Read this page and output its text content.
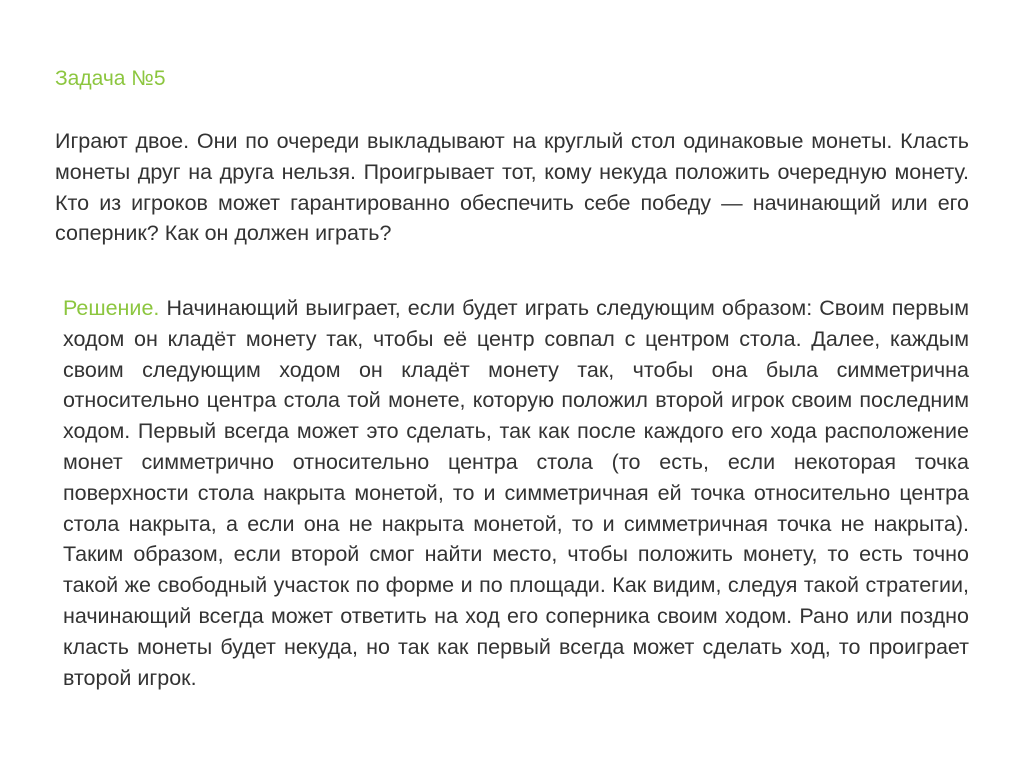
Задача №5

Играют двое. Они по очереди выкладывают на круглый стол одинаковые монеты. Класть монеты друг на друга нельзя. Проигрывает тот, кому некуда положить очередную монету. Кто из игроков может гарантированно обеспечить себе победу — начинающий или его соперник? Как он должен играть?

Решение. Начинающий выиграет, если будет играть следующим образом: Своим первым ходом он кладёт монету так, чтобы её центр совпал с центром стола. Далее, каждым своим следующим ходом он кладёт монету так, чтобы она была симметрична относительно центра стола той монете, которую положил второй игрок своим последним ходом. Первый всегда может это сделать, так как после каждого его хода расположение монет симметрично относительно центра стола (то есть, если некоторая точка поверхности стола накрыта монетой, то и симметричная ей точка относительно центра стола накрыта, а если она не накрыта монетой, то и симметричная точка не накрыта). Таким образом, если второй смог найти место, чтобы положить монету, то есть точно такой же свободный участок по форме и по площади. Как видим, следуя такой стратегии, начинающий всегда может ответить на ход его соперника своим ходом. Рано или поздно класть монеты будет некуда, но так как первый всегда может сделать ход, то проиграет второй игрок.
